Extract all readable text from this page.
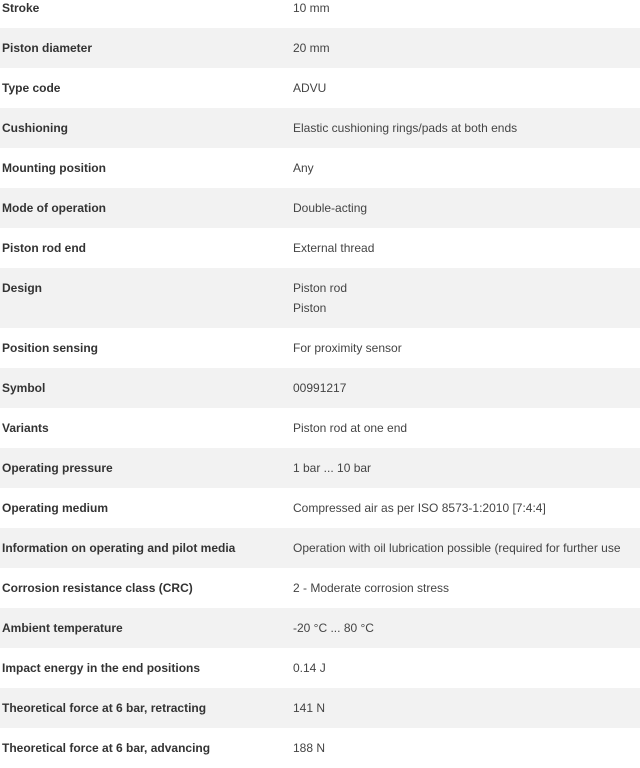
Stroke	10 mm
Piston diameter	20 mm
Type code	ADVU
Cushioning	Elastic cushioning rings/pads at both ends
Mounting position	Any
Mode of operation	Double-acting
Piston rod end	External thread
Design	Piston rod
Piston
Position sensing	For proximity sensor
Symbol	00991217
Variants	Piston rod at one end
Operating pressure	1 bar ... 10 bar
Operating medium	Compressed air as per ISO 8573-1:2010 [7:4:4]
Information on operating and pilot media	Operation with oil lubrication possible (required for further use
Corrosion resistance class (CRC)	2 - Moderate corrosion stress
Ambient temperature	-20 °C ... 80 °C
Impact energy in the end positions	0.14 J
Theoretical force at 6 bar, retracting	141 N
Theoretical force at 6 bar, advancing	188 N
